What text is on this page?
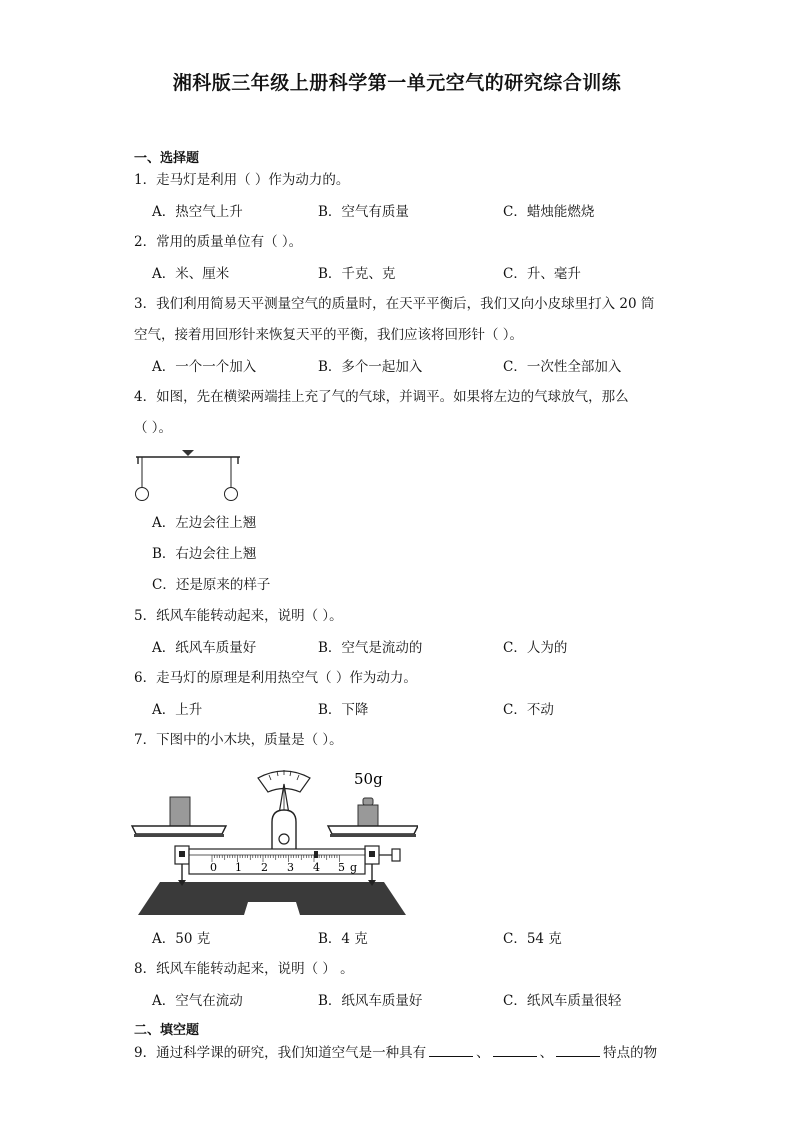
湘科版三年级上册科学第一单元空气的研究综合训练
一、选择题
1．走马灯是利用（ ）作为动力的。
A．热空气上升	B．空气有质量	C．蜡烛能燃烧
2．常用的质量单位有（ ）。
A．米、厘米	B．千克、克	C．升、毫升
3．我们利用简易天平测量空气的质量时，在天平平衡后，我们又向小皮球里打入 20 筒
空气，接着用回形针来恢复天平的平衡，我们应该将回形针（ ）。
A．一个一个加入	B．多个一起加入	C．一次性全部加入
4．如图，先在横梁两端挂上充了气的气球，并调平。如果将左边的气球放气，那么
（ ）。
A．左边会往上翘
B．右边会往上翘
C．还是原来的样子
5．纸风车能转动起来，说明（ ）。
A．纸风车质量好	B．空气是流动的	C．人为的
6．走马灯的原理是利用热空气（ ）作为动力。
A．上升	B．下降	C．不动
7．下图中的小木块，质量是（ ）。
0 1 2 3 4 5 g
50g
A．50 克	B．4 克	C．54 克
8．纸风车能转动起来，说明（ ） 。
A．空气在流动	B．纸风车质量好	C．纸风车质量很轻
二、填空题
9．通过科学课的研究，我们知道空气是一种具有	、	、	特点的物
